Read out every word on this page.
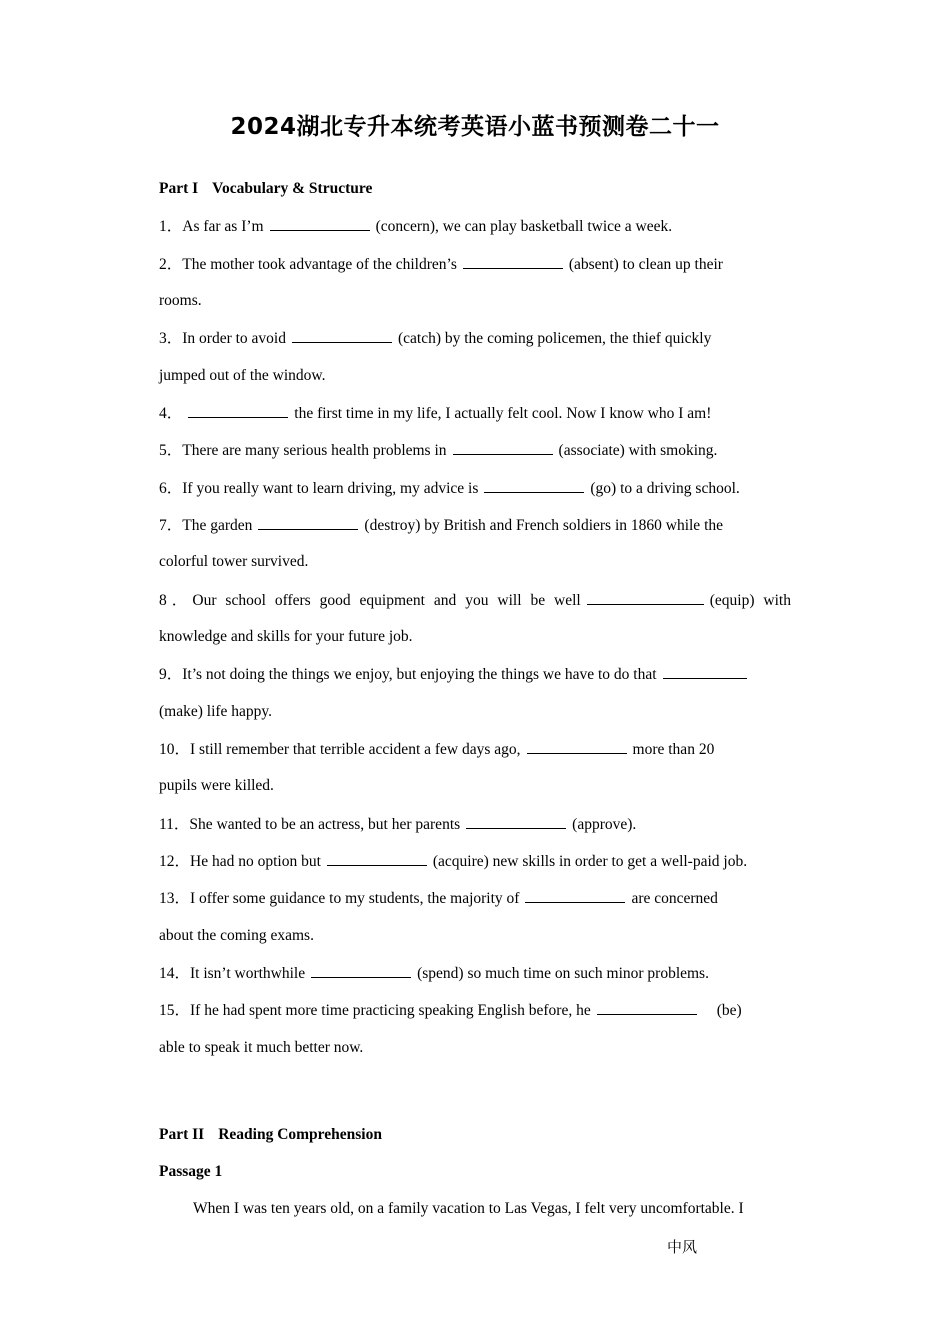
2024湖北专升本统考英语小蓝书预测卷二十一
Part I Vocabulary & Structure
1．As far as I’m	(concern), we can play basketball twice a week.
2．The mother took advantage of the children’s	(absent) to clean up their
rooms.
3．In order to avoid	(catch) by the coming policemen, the thief quickly
jumped out of the window.
4．	the first time in my life, I actually felt cool. Now I know who I am!
5．There are many serious health problems in	(associate) with smoking.
6．If you really want to learn driving, my advice is	(go) to a driving school.
7．The garden	(destroy) by British and French soldiers in 1860 while the
colorful tower survived.
8．Our school offers good equipment and you will be well	(equip) with
knowledge and skills for your future job.
9．It’s not doing the things we enjoy, but enjoying the things we have to do that
(make) life happy.
10．I still remember that terrible accident a few days ago,	more than 20
pupils were killed.
11．She wanted to be an actress, but her parents	(approve).
12．He had no option but	(acquire) new skills in order to get a well-paid job.
13．I offer some guidance to my students, the majority of	are concerned
about the coming exams.
14．It isn’t worthwhile	(spend) so much time on such minor problems.
15．If he had spent more time practicing speaking English before, he	(be)
able to speak it much better now.
Part II Reading Comprehension
Passage 1
When I was ten years old, on a family vacation to Las Vegas, I felt very uncomfortable. I
中风
